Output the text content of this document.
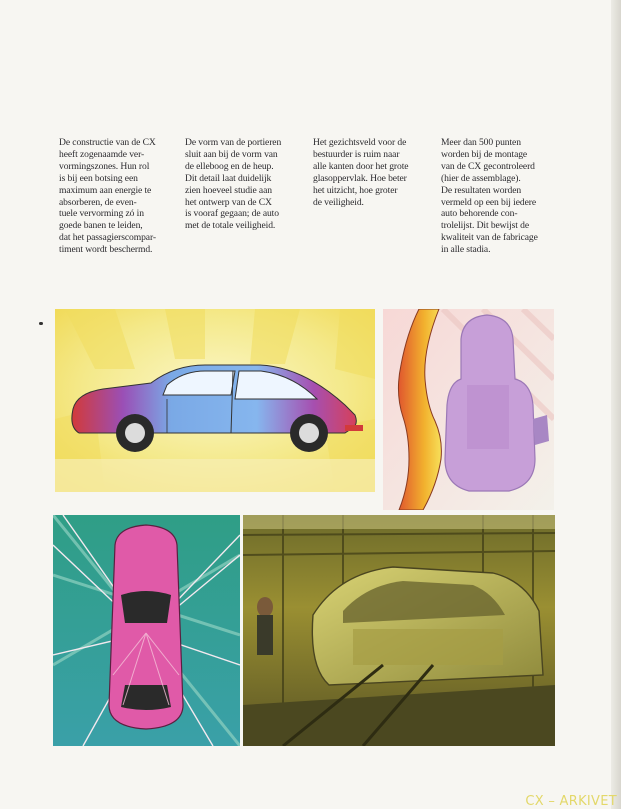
De constructie van de CX
heeft zogenaamde ver-
vormingszones. Hun rol
is bij een botsing een
maximum aan energie te
absorberen, de even-
tuele vervorming zó in
goede banen te leiden,
dat het passagierscompar-
timent wordt beschermd.
De vorm van de portieren
sluit aan bij de vorm van
de elleboog en de heup.
Dit detail laat duidelijk
zien hoeveel studie aan
het ontwerp van de CX
is vooraf gegaan; de auto
met de totale veiligheid.
Het gezichtsveld voor de
bestuurder is ruim naar
alle kanten door het grote
glasoppervlak. Hoe beter
het uitzicht, hoe groter
de veiligheid.
Meer dan 500 punten
worden bij de montage
van de CX gecontroleerd
(hier de assemblage).
De resultaten worden
vermeld op een bij iedere
auto behorende con-
trolelijst. Dit bewijst de
kwaliteit van de fabricage
in alle stadia.
CX – ARKIVET
